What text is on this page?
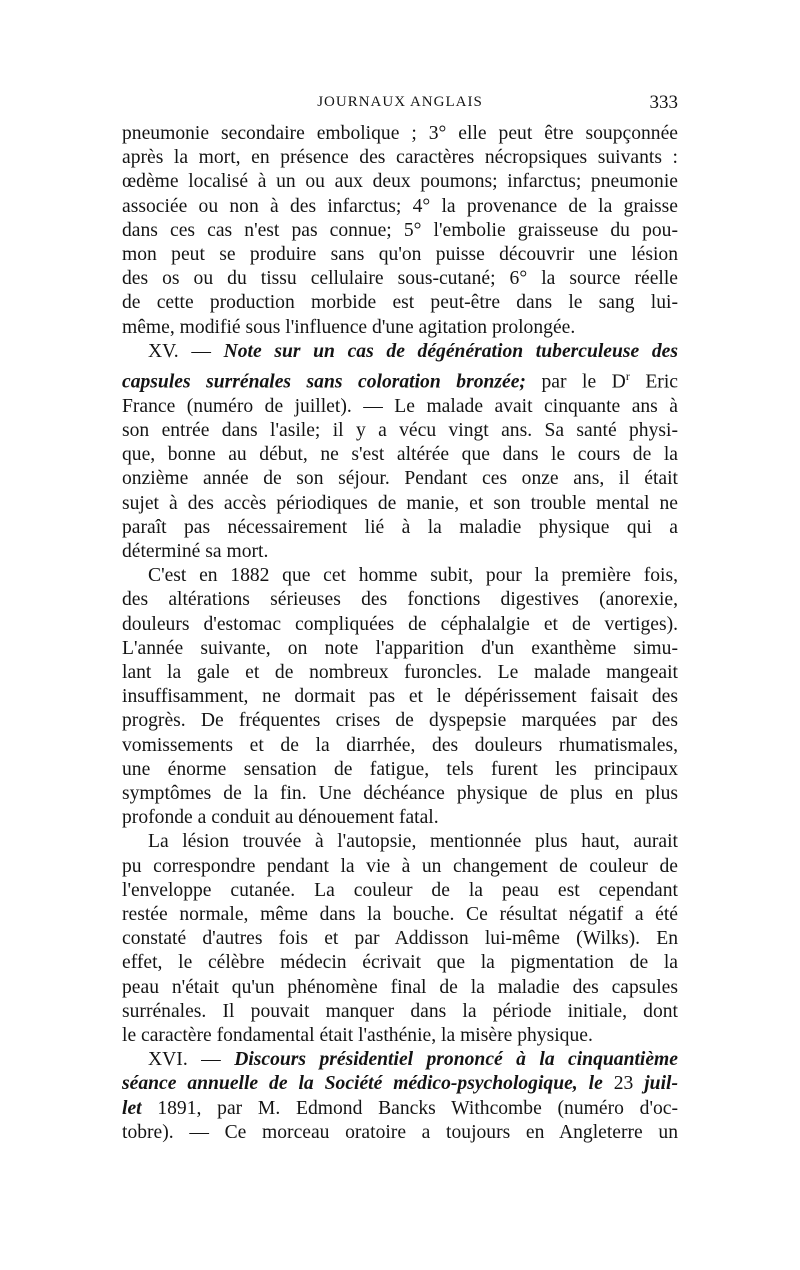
JOURNAUX ANGLAIS	333
pneumonie secondaire embolique ; 3° elle peut être soupçonnée
après la mort, en présence des caractères nécropsiques suivants :
œdème localisé à un ou aux deux poumons; infarctus; pneumonie
associée ou non à des infarctus; 4° la provenance de la graisse
dans ces cas n'est pas connue; 5° l'embolie graisseuse du pou-
mon peut se produire sans qu'on puisse découvrir une lésion
des os ou du tissu cellulaire sous-cutané; 6° la source réelle
de cette production morbide est peut-être dans le sang lui-
même, modifié sous l'influence d'une agitation prolongée.
XV. — Note sur un cas de dégénération tuberculeuse des
capsules surrénales sans coloration bronzée; par le $D^r$ Eric
France (numéro de juillet). — Le malade avait cinquante ans à
son entrée dans l'asile; il y a vécu vingt ans. Sa santé physi-
que, bonne au début, ne s'est altérée que dans le cours de la
onzième année de son séjour. Pendant ces onze ans, il était
sujet à des accès périodiques de manie, et son trouble mental ne
paraît pas nécessairement lié à la maladie physique qui a
déterminé sa mort.
C'est en 1882 que cet homme subit, pour la première fois,
des altérations sérieuses des fonctions digestives (anorexie,
douleurs d'estomac compliquées de céphalalgie et de vertiges).
L'année suivante, on note l'apparition d'un exanthème simu-
lant la gale et de nombreux furoncles. Le malade mangeait
insuffisamment, ne dormait pas et le dépérissement faisait des
progrès. De fréquentes crises de dyspepsie marquées par des
vomissements et de la diarrhée, des douleurs rhumatismales,
une énorme sensation de fatigue, tels furent les principaux
symptômes de la fin. Une déchéance physique de plus en plus
profonde a conduit au dénouement fatal.
La lésion trouvée à l'autopsie, mentionnée plus haut, aurait
pu correspondre pendant la vie à un changement de couleur de
l'enveloppe cutanée. La couleur de la peau est cependant
restée normale, même dans la bouche. Ce résultat négatif a été
constaté d'autres fois et par Addisson lui-même (Wilks). En
effet, le célèbre médecin écrivait que la pigmentation de la
peau n'était qu'un phénomène final de la maladie des capsules
surrénales. Il pouvait manquer dans la période initiale, dont
le caractère fondamental était l'asthénie, la misère physique.
XVI. — Discours présidentiel prononcé à la cinquantième
séance annuelle de la Société médico-psychologique, le 23 juil-
let 1891, par M. Edmond Bancks Withcombe (numéro d'oc-
tobre). — Ce morceau oratoire a toujours en Angleterre un
